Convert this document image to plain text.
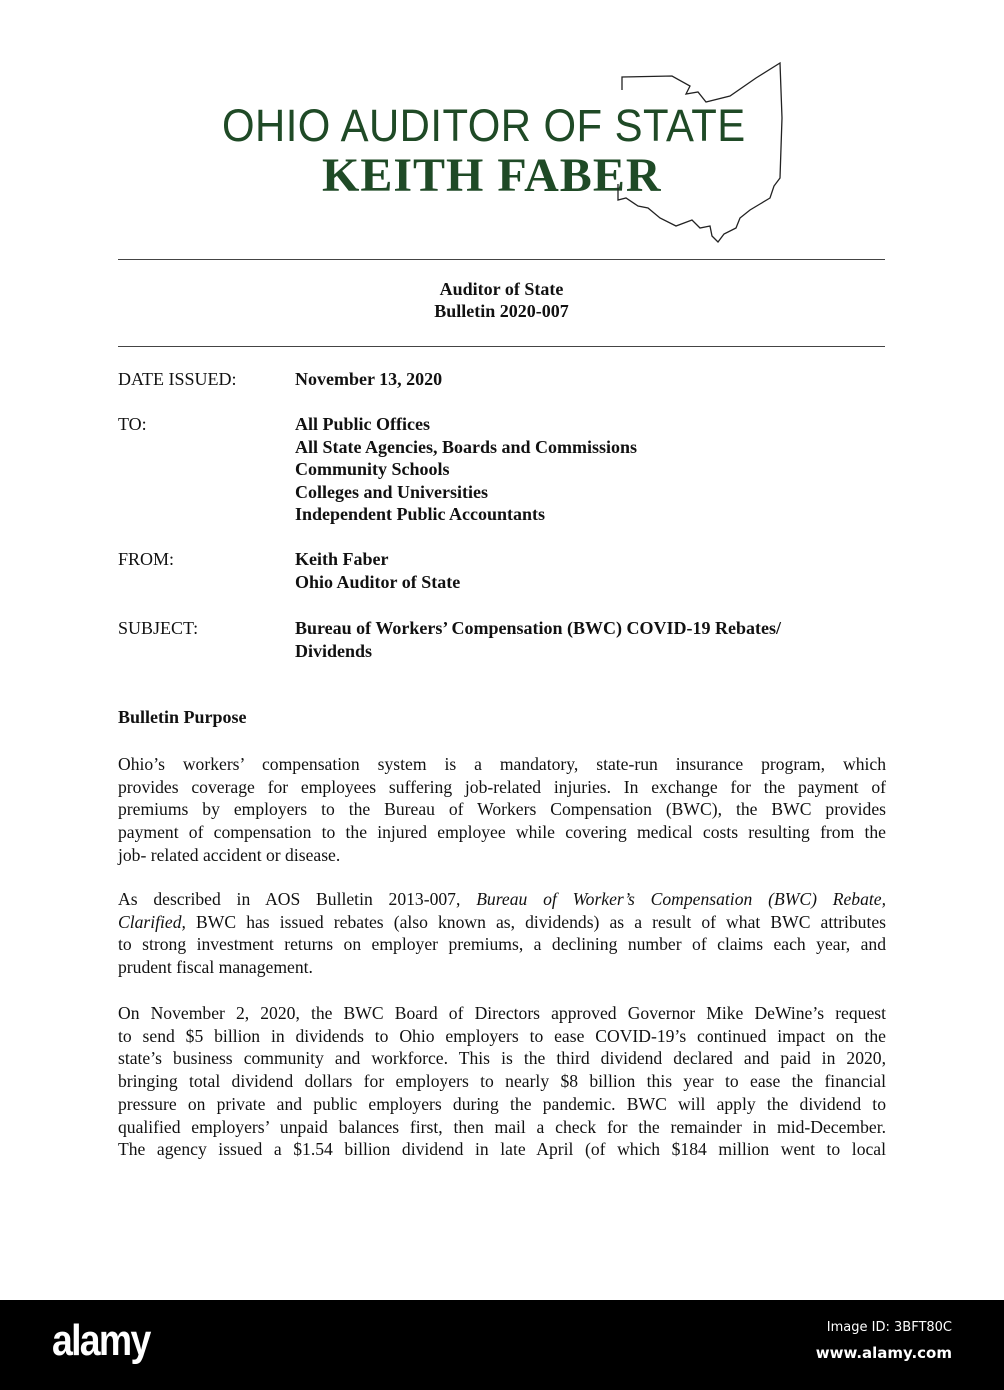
OHIO AUDITOR OF STATE
KEITH FABER
Auditor of State
Bulletin 2020-007
DATE ISSUED:	November 13, 2020
TO:	All Public Offices
All State Agencies, Boards and Commissions
Community Schools
Colleges and Universities
Independent Public Accountants
FROM:	Keith Faber
Ohio Auditor of State
SUBJECT:	Bureau of Workers’ Compensation (BWC) COVID-19 Rebates/
Dividends
Bulletin Purpose
Ohio’s workers’ compensation system is a mandatory, state-run insurance program, which
provides coverage for employees suffering job-related injuries. In exchange for the payment of
premiums by employers to the Bureau of Workers Compensation (BWC), the BWC provides
payment of compensation to the injured employee while covering medical costs resulting from the
job- related accident or disease.
As described in AOS Bulletin 2013-007, Bureau of Worker’s Compensation (BWC) Rebate,
Clarified, BWC has issued rebates (also known as, dividends) as a result of what BWC attributes
to strong investment returns on employer premiums, a declining number of claims each year, and
prudent fiscal management.
On November 2, 2020, the BWC Board of Directors approved Governor Mike DeWine’s request
to send $5 billion in dividends to Ohio employers to ease COVID-19’s continued impact on the
state’s business community and workforce. This is the third dividend declared and paid in 2020,
bringing total dividend dollars for employers to nearly $8 billion this year to ease the financial
pressure on private and public employers during the pandemic. BWC will apply the dividend to
qualified employers’ unpaid balances first, then mail a check for the remainder in mid-December.
The agency issued a $1.54 billion dividend in late April (of which $184 million went to local
alamy	Image ID: 3BFT80C
www.alamy.com
